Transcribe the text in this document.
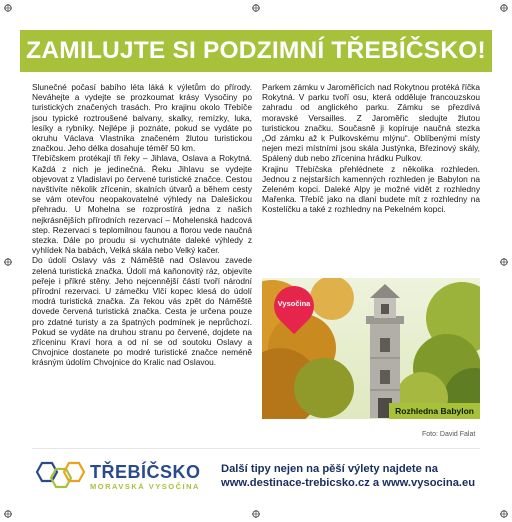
ZAMILUJTE SI PODZIMNÍ TŘEBÍČSKO!

Slunečné počasí babího léta láká k výletům do přírody. Neváhejte a vydejte se prozkoumat krásy Vysočiny po turistických značených trasách. Pro krajinu okolo Třebíče jsou typické roztroušené balvany, skalky, remízky, luka, lesíky a rybníky. Nejlépe ji poznáte, pokud se vydáte po okruhu Václava Vlastníka značeném žlutou turistickou značkou. Jeho délka dosahuje téměř 50 km.

Třebíčskem protékají tři řeky – Jihlava, Oslava a Rokytná. Každá z nich je jedinečná. Řeku Jihlavu se vydejte objevovat z Vladislavi po červené turistické značce. Cestou navštívíte několik zřícenin, skalních útvarů a během cesty se vám otevřou neopakovatelné výhledy na Dalešickou přehradu. U Mohelna se rozprostírá jedna z našich nejkrásnějších přírodních rezervací – Mohelenská hadcová step. Rezervaci s teplomilnou faunou a florou vede naučná stezka. Dále po proudu si vychutnáte daleké výhledy z vyhlídek Na babách, Velká skála nebo Velký kačer.

Do údolí Oslavy vás z Náměště nad Oslavou zavede zelená turistická značka. Údolí má kaňonovitý ráz, objevíte peřeje i příkré stěny. Jeho nejcennější částí tvoří národní přírodní rezervaci. U zámečku Vlčí kopec klesá do údolí modrá turistická značka. Za řekou vás zpět do Náměště dovede červená turistická značka. Cesta je určena pouze pro zdatné turisty a za špatných podmínek je neprůchozí. Pokud se vydáte na druhou stranu po červené, dojdete na zříceninu Kraví hora a od ní se od soutoku Oslavy a Chvojnice dostanete po modré turistické značce neméně krásným údolím Chvojnice do Kralic nad Oslavou.

Parkem zámku v Jaroměřicích nad Rokytnou protéká říčka Rokytná. V parku tvoří osu, která odděluje francouzskou zahradu od anglického parku. Zámku se přezdívá moravské Versailles. Z Jaroměřic sledujte žlutou turistickou značku. Současně ji kopíruje naučná stezka „Od zámku až k Pulkovskému mlýnu“. Oblíbenými místy nejen mezi místními jsou skála Justýnka, Březinový skály, Spálený dub nebo zřícenina hrádku Pulkov.

Krajinu Třebíčska přehlédnete z několika rozhleden. Jednou z nejstarších kamenných rozhleden je Babylon na Zeleném kopci. Daleké Alpy je možné vidět z rozhledny Mařenka. Třebíč jako na dlani budete mít z rozhledny na Kostelíčku a také z rozhledny na Pekelném kopci.

Vysočina
Rozhledna Babylon
Foto: David Falat
TŘEBÍČSKO
MORAVSKÁ VYSOČINA
Další tipy nejen na pěší výlety najdete na
www.destinace-trebicsko.cz a www.vysocina.eu
